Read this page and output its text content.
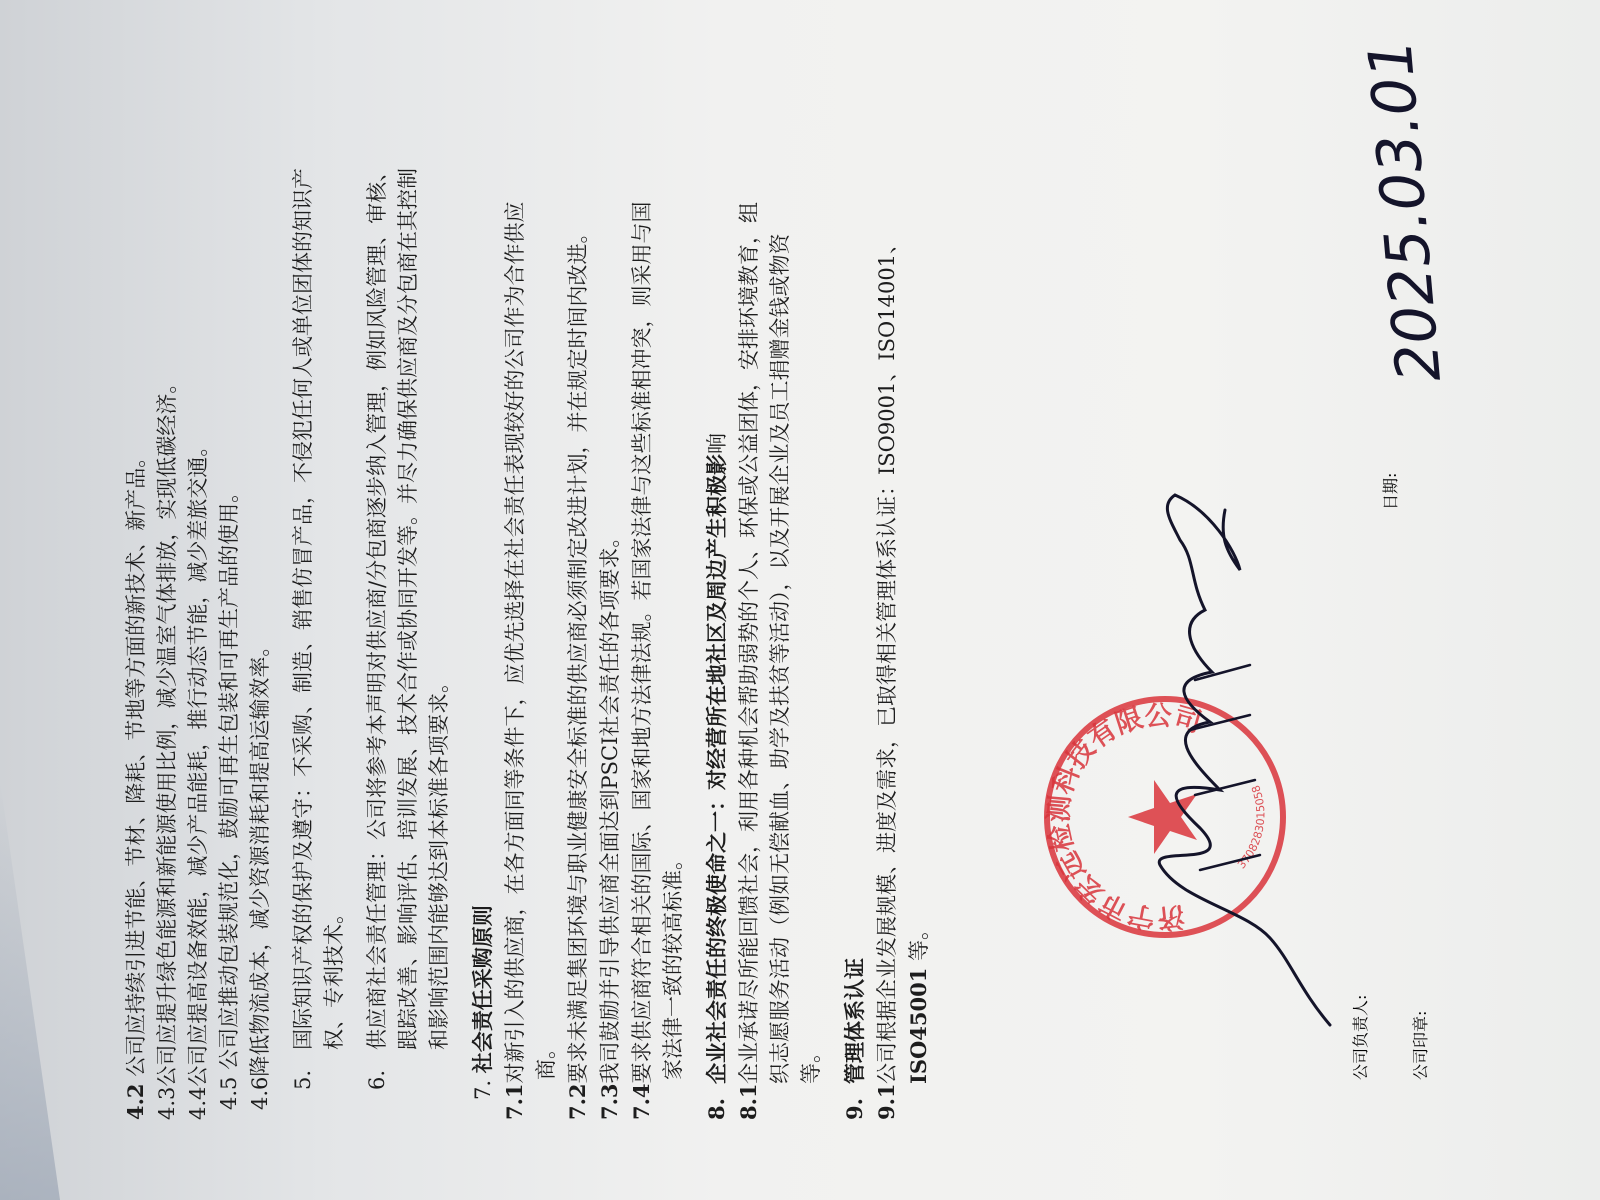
4.2 公司应持续引进节能、节材、降耗、节地等方面的新技术、新产品。
4.3公司应提升绿色能源和新能源使用比例，减少温室气体排放，实现低碳经济。
4.4公司应提高设备效能，减少产品能耗，推行动态节能，减少差旅交通。
4.5 公司应推动包装规范化，鼓励可再生包装和可再生产品的使用。
4.6降低物流成本，减少资源消耗和提高运输效率。
5.国际知识产权的保护及遵守：不采购、制造、销售仿冒产品，不侵犯任何人或单位团体的知识产 权、专利技术。
6.供应商社会责任管理：公司将参考本声明对供应商/分包商逐步纳入管理，例如风险管理、审核、 跟踪改善、影响评估、培训发展、技术合作或协同开发等。并尽力确保供应商及分包商在其控制 和影响范围内能够达到本标准各项要求。
7. 社会责任采购原则
7.1对新引入的供应商，在各方面同等条件下，应优先选择在社会责任表现较好的公司作为合作供应 商。
7.2要求未满足集团环境与职业健康安全标准的供应商必须制定改进计划，并在规定时间内改进。
7.3我司鼓励并引导供应商全面达到PSCI社会责任的各项要求。
7.4要求供应商符合相关的国际、国家和地方法律法规。若国家法律与这些标准相冲突，则采用与国 家法律一致的较高标准。
8.企业社会责任的终极使命之一：对经营所在地社区及周边产生积极影响
8.1企业承诺尽所能回馈社会，利用各种机会帮助弱势的个人、环保或公益团体，安排环境教育，组 织志愿服务活动（例如无偿献血、助学及扶贫等活动），以及开展企业及员工捐赠金钱或物资 等。
9.管理体系认证
9.1公司根据企业发展规模、进度及需求，已取得相关管理体系认证：ISO9001、ISO14001、 ISO45001 等。
公司负责人:	公司印章:
日期:
济宁市宏远检测科技有限公司
3708283015058
2025.03.01
